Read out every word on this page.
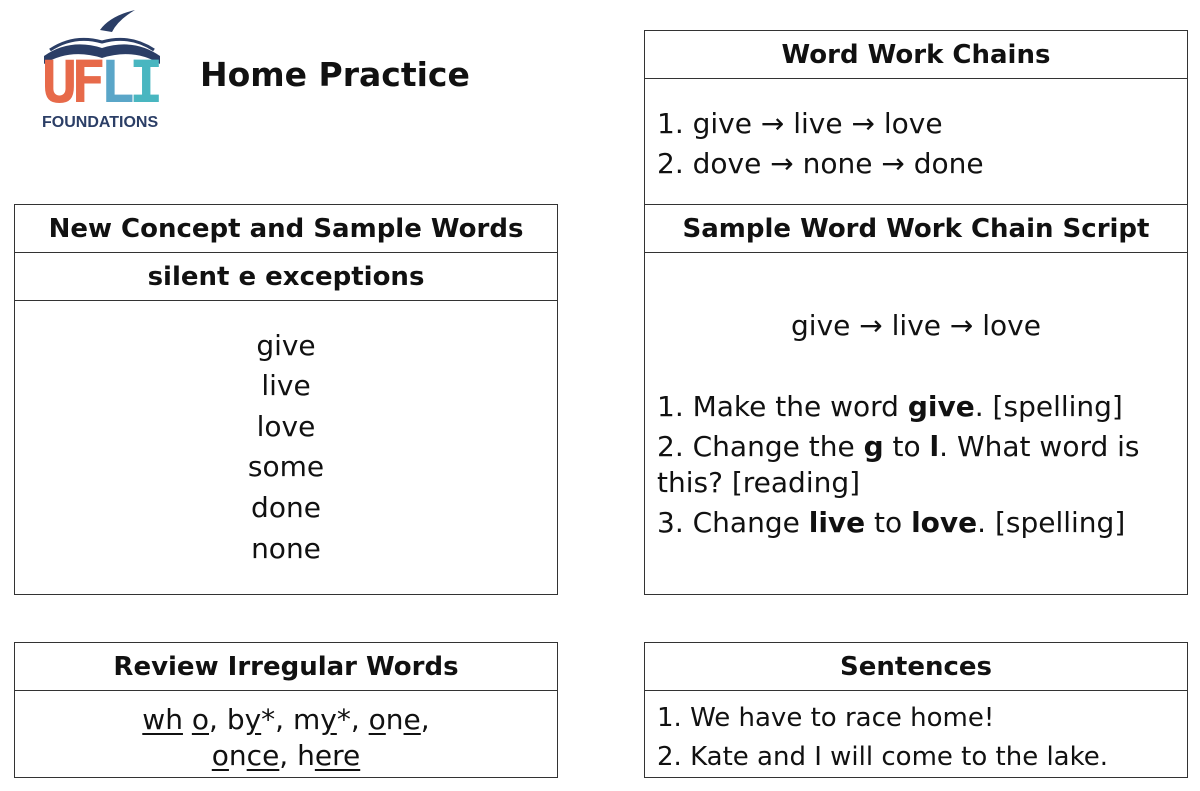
U
F
L
I
FOUNDATIONS
Home Practice
New Concept and Sample Words
silent e exceptions
give
live
love
some
done
none
Word Work Chains
1. give → live → love
2. dove → none → done
Sample Word Work Chain Script
give → live → love
1. Make the word give. [spelling]
2. Change the g to l. What word is
this? [reading]
3. Change live to love. [spelling]
Review Irregular Words
wh o, by*, my*, one,
once, here
Sentences
1. We have to race home!
2. Kate and I will come to the lake.
